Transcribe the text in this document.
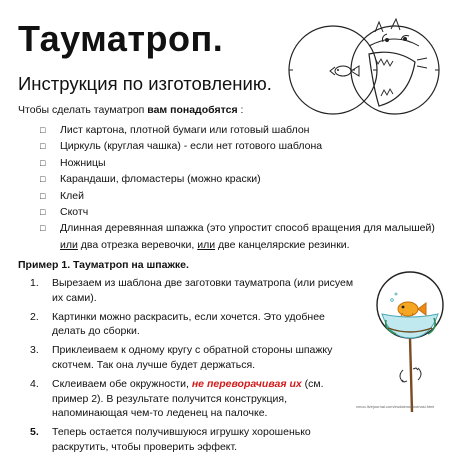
Тауматроп.
Инструкция по изготовлению.
Чтобы сделать тауматроп вам понадобятся :
□ Лист картона, плотной бумаги или готовый шаблон
□ Циркуль (круглая чашка) - если нет готового шаблона
□ Ножницы
□ Карандаши, фломастеры (можно краски)
□ Клей
□ Скотч
□ Длинная деревянная шпажка (это упростит способ вращения для малышей)
или два отрезка веревочки, или две канцелярские резинки.
Пример 1. Тауматроп на шпажке.
1. Вырезаем из шаблона две заготовки тауматропа (или рисуем их сами).
2. Картинки можно раскрасить, если хочется. Это удобнее делать до сборки.
3. Приклеиваем к одному кругу с обратной стороны шпажку скотчем. Так она лучше будет держаться.
4. Склеиваем обе окружности, не переворачивая их (см. пример 2). В результате получится конструкция, напоминающая чем-то леденец на палочке.
5. Теперь остается получившуюся игрушку хорошенько раскрутить, чтобы проверить эффект.
vmoo.livejournal.com/eudaimonikoinasi.html
